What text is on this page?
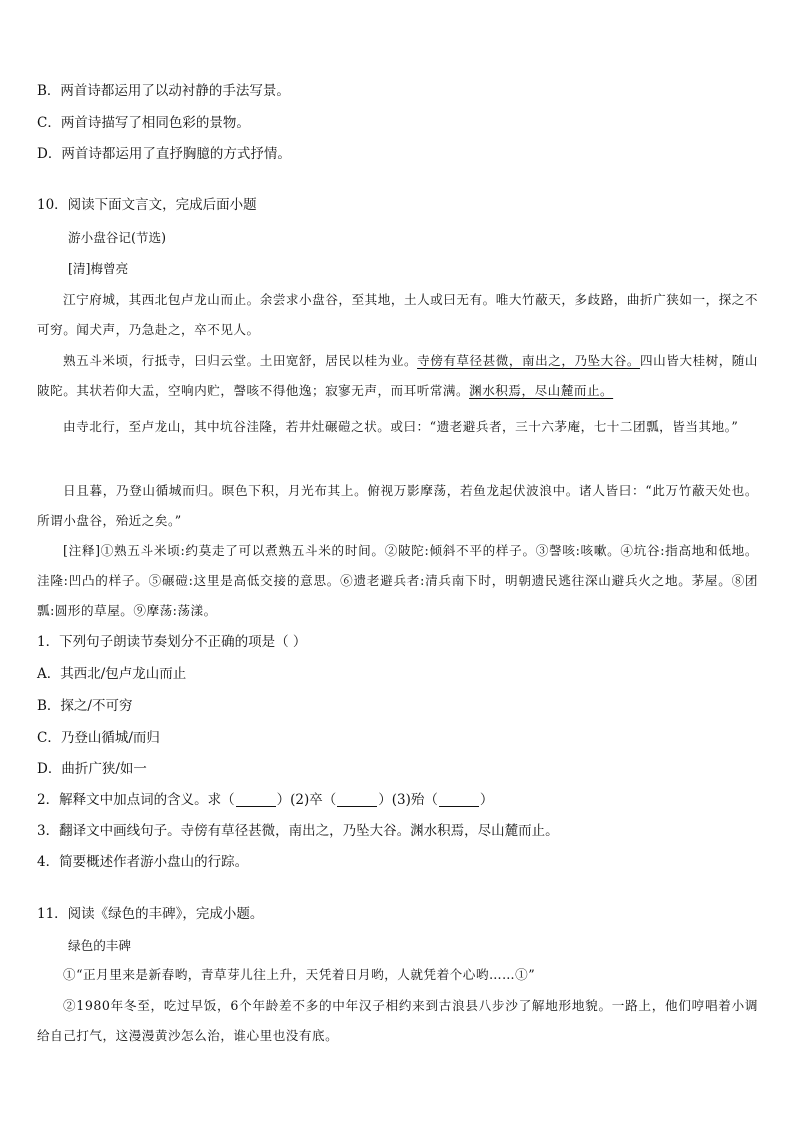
B．两首诗都运用了以动衬静的手法写景。
C．两首诗描写了相同色彩的景物。
D．两首诗都运用了直抒胸臆的方式抒情。
10．阅读下面文言文，完成后面小题
游小盘谷记(节选)
[清]梅曾亮
江宁府城，其西北包卢龙山而止。余尝求小盘谷，至其地，土人或曰无有。唯大竹蔽天，多歧路，曲折广狭如一，探之不可穷。闻犬声，乃急赴之，卒不见人。
熟五斗米顷，行抵寺，曰归云堂。土田宽舒，居民以桂为业。寺傍有草径甚微，南出之，乃坠大谷。四山皆大桂树，随山陂陀。其状若仰大盂，空响内贮，謦咳不得他逸；寂寥无声，而耳听常满。渊水积焉，尽山麓而止。
由寺北行，至卢龙山，其中坑谷洼隆，若井灶碾磑之状。或曰：“遗老避兵者，三十六茅庵，七十二团瓢，皆当其地。”
日且暮，乃登山循城而归。暝色下积，月光布其上。俯视万影摩荡，若鱼龙起伏波浪中。诸人皆曰：“此万竹蔽天处也。所谓小盘谷，殆近之矣。”
[注释]①熟五斗米顷:约莫走了可以煮熟五斗米的时间。②陂陀:倾斜不平的样子。③謦咳:咳嗽。④坑谷:指高地和低地。洼隆:凹凸的样子。⑤碾磑:这里是高低交接的意思。⑥遗老避兵者:清兵南下时，明朝遗民逃往深山避兵火之地。茅屋。⑧团瓢:圆形的草屋。⑨摩荡:荡漾。
1．下列句子朗读节奏划分不正确的项是（ ）
A．其西北/包卢龙山而止
B．探之/不可穷
C．乃登山循城/而归
D．曲折广狭/如一
2．解释文中加点词的含义。求（	）(2)卒（	）(3)殆（	）
3．翻译文中画线句子。寺傍有草径甚微，南出之，乃坠大谷。渊水积焉，尽山麓而止。
4．简要概述作者游小盘山的行踪。
11．阅读《绿色的丰碑》，完成小题。
绿色的丰碑
①“正月里来是新春哟，青草芽儿往上升，天凭着日月哟，人就凭着个心哟……①”
②1980年冬至，吃过早饭，6个年龄差不多的中年汉子相约来到古浪县八步沙了解地形地貌。一路上，他们哼唱着小调给自己打气，这漫漫黄沙怎么治，谁心里也没有底。
